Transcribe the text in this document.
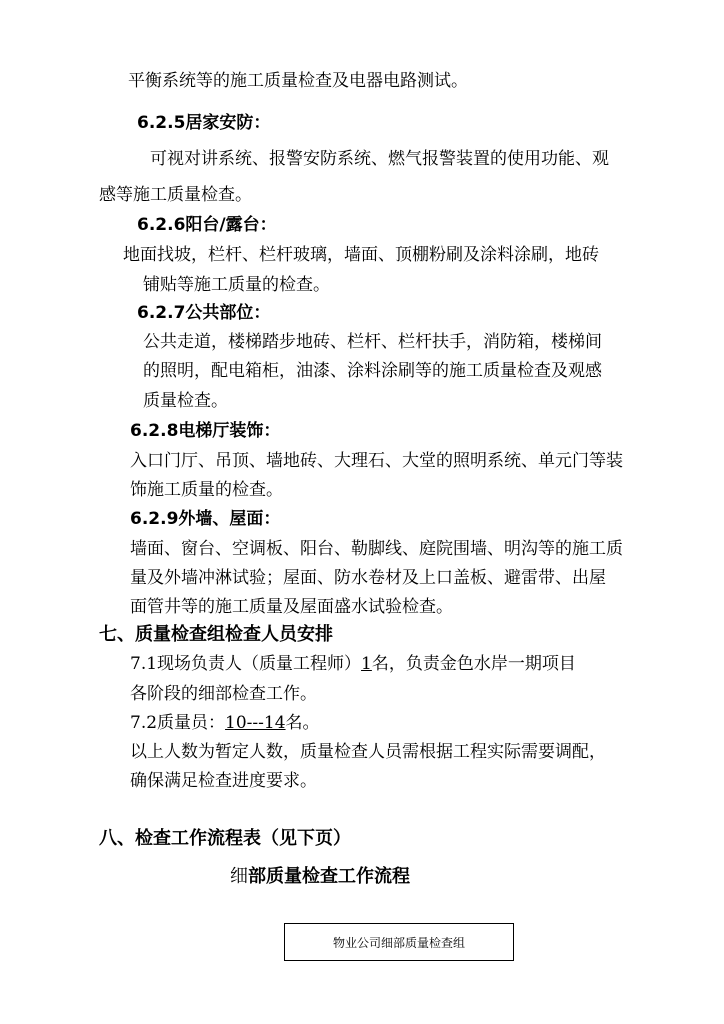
平衡系统等的施工质量检查及电器电路测试。
6.2.5居家安防：
可视对讲系统、报警安防系统、燃气报警装置的使用功能、观
感等施工质量检查。
6.2.6阳台/露台：
地面找坡，栏杆、栏杆玻璃，墙面、顶棚粉刷及涂料涂刷，地砖
铺贴等施工质量的检查。
6.2.7公共部位：
公共走道，楼梯踏步地砖、栏杆、栏杆扶手，消防箱，楼梯间
的照明，配电箱柜，油漆、涂料涂刷等的施工质量检查及观感
质量检查。
6.2.8电梯厅装饰：
入口门厅、吊顶、墙地砖、大理石、大堂的照明系统、单元门等装
饰施工质量的检查。
6.2.9外墙、屋面：
墙面、窗台、空调板、阳台、勒脚线、庭院围墙、明沟等的施工质
量及外墙冲淋试验；屋面、防水卷材及上口盖板、避雷带、出屋
面管井等的施工质量及屋面盛水试验检查。
七、质量检查组检查人员安排
7.1现场负责人（质量工程师）1名，负责金色水岸一期项目
各阶段的细部检查工作。
7.2质量员：10---14名。
以上人数为暂定人数，质量检查人员需根据工程实际需要调配，
确保满足检查进度要求。
八、检查工作流程表（见下页）
细部质量检查工作流程
物业公司细部质量检查组
